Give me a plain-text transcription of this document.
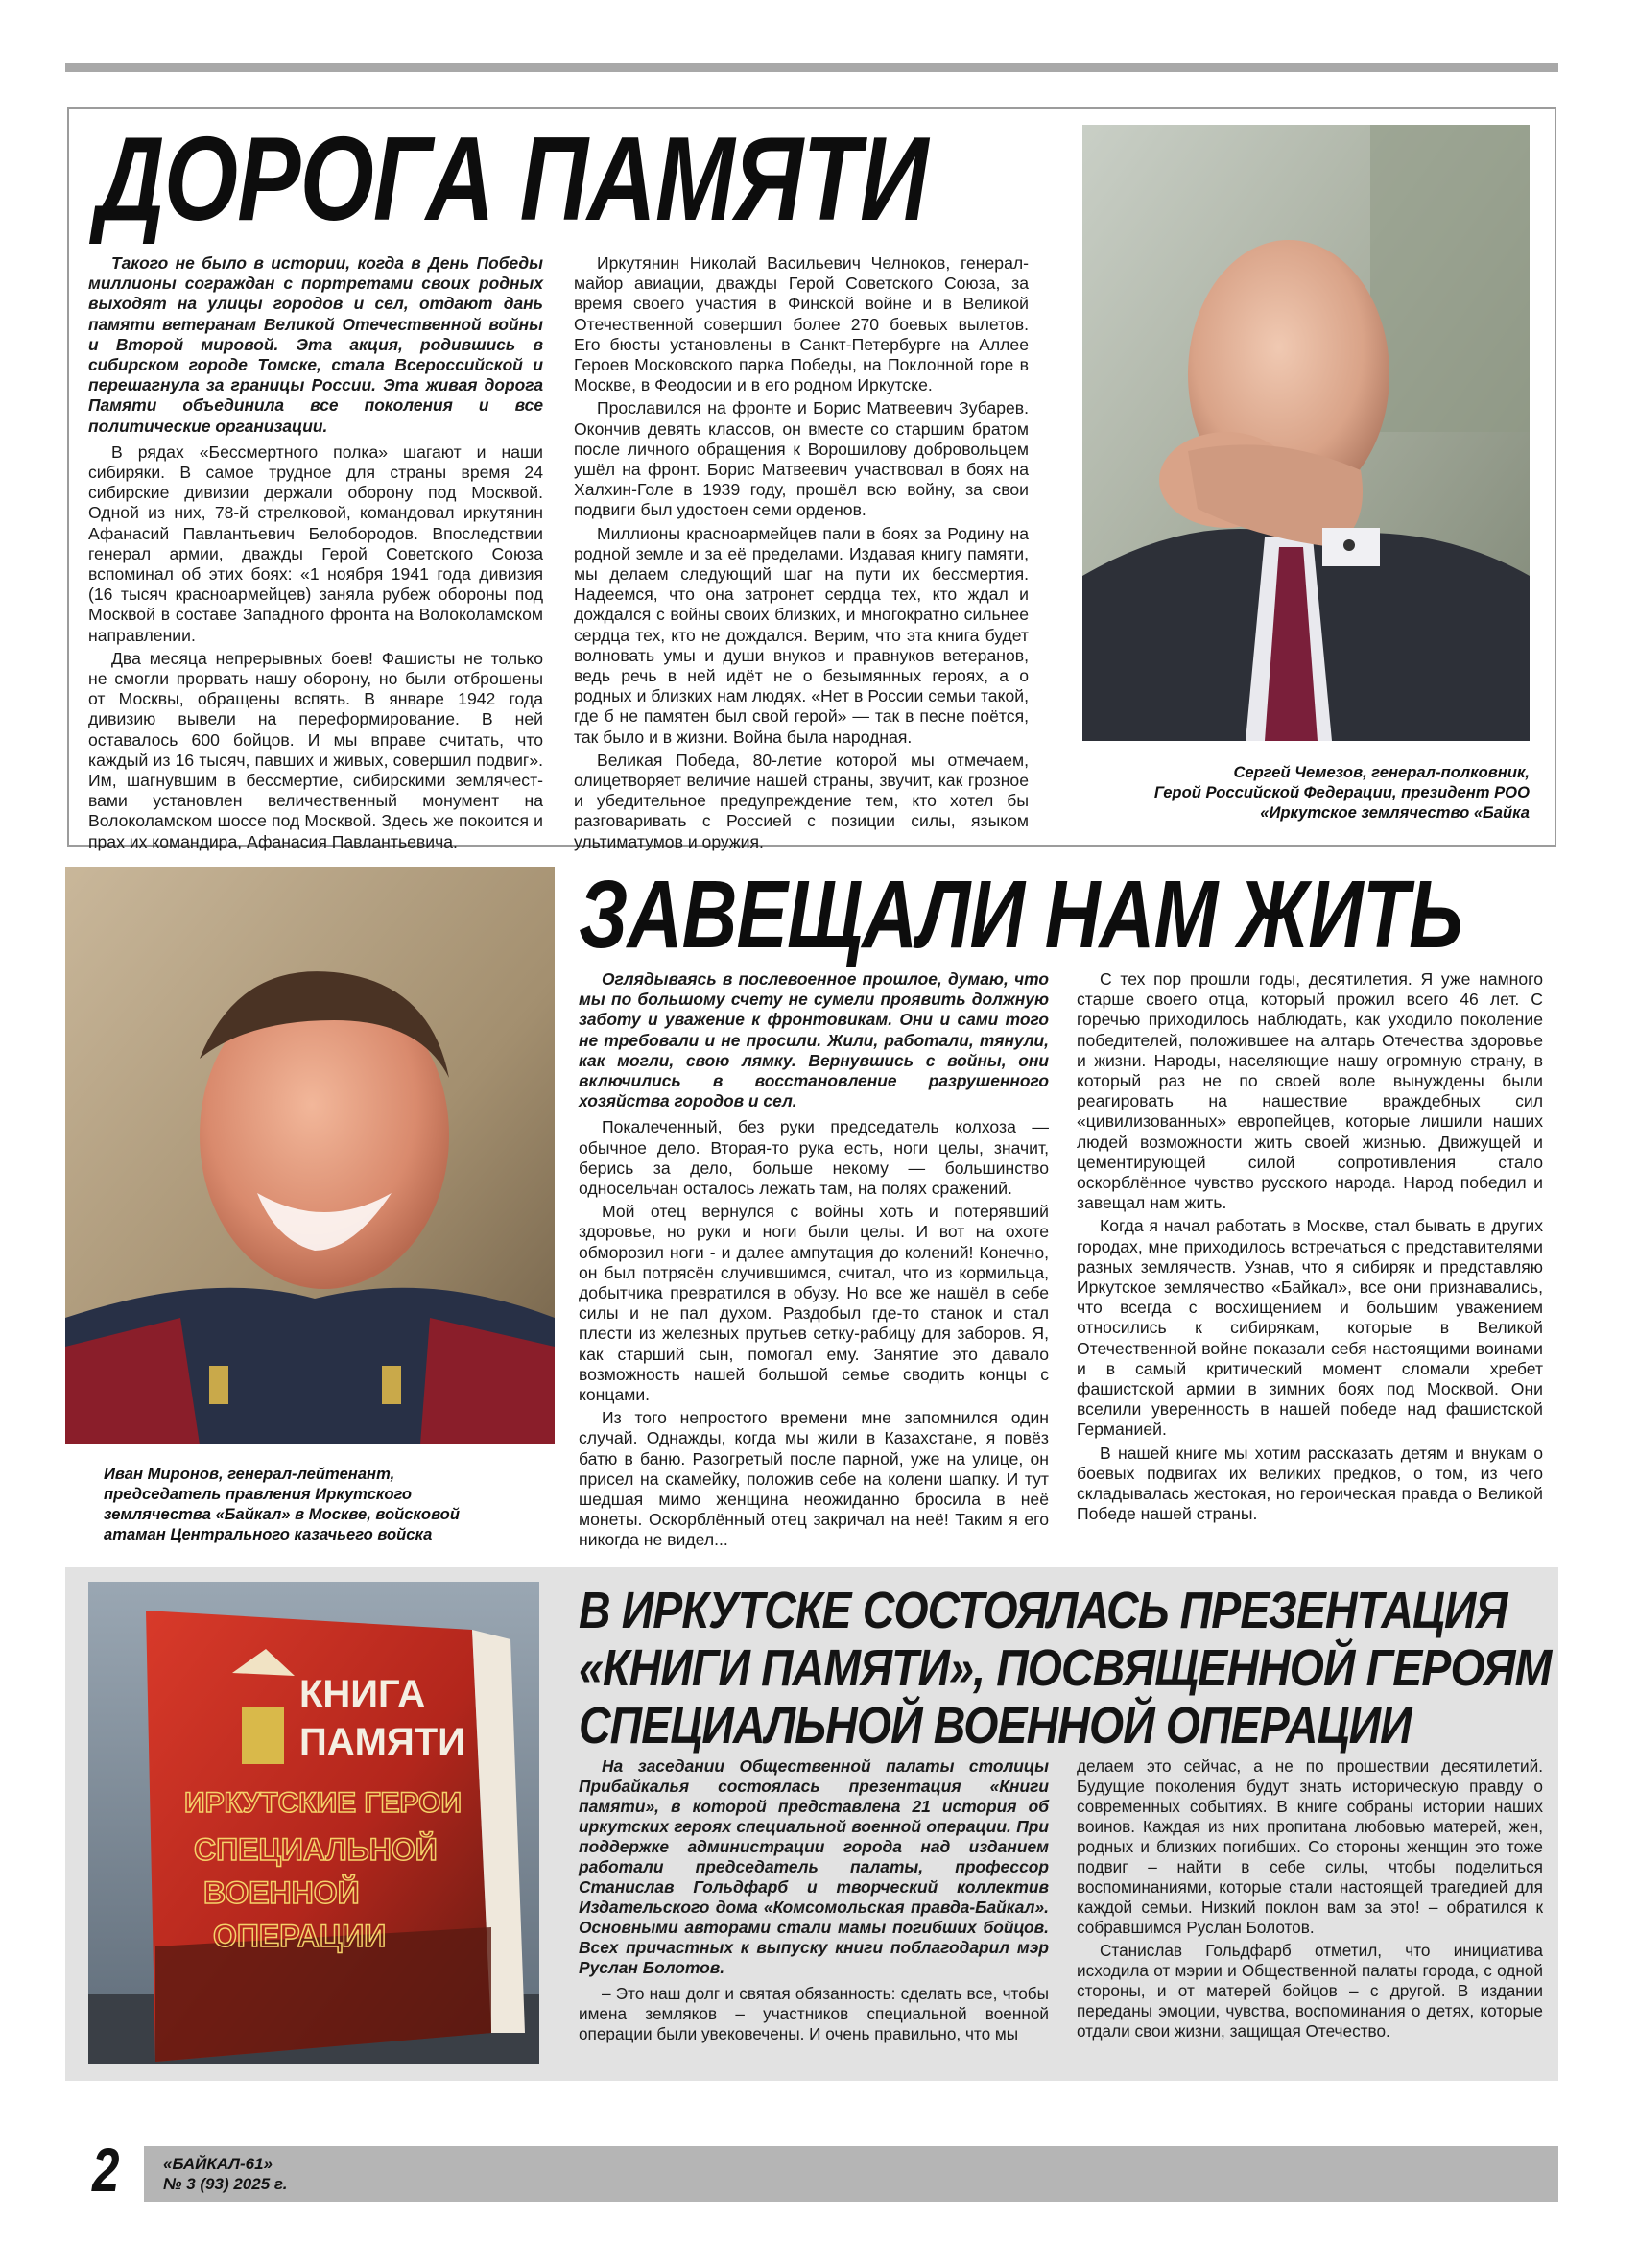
ДОРОГА ПАМЯТИ

Такого не было в истории, когда в День Победы миллионы сограждан с портретами своих родных выходят на улицы городов и сел, отдают дань памяти ветеранам Великой Отечественной войны и Второй мировой. Эта акция, родившись в сибирском городе Томске, стала Всероссийской и перешагнула за границы России. Эта живая дорога Памяти объединила все поколения и все политические организации.

В рядах «Бессмертного полка» шагают и наши сибиряки. В самое трудное для страны время 24 сибирские дивизии держали оборону под Москвой. Одной из них, 78-й стрелковой, командовал иркутянин Афанасий Павлантьевич Белобородов. Впоследствии генерал армии, дважды Герой Советского Союза вспоминал об этих боях: «1 ноября 1941 года дивизия (16 тысяч красноармейцев) заняла рубеж обороны под Москвой в составе Западного фронта на Волоколамском направлении.

Два месяца непрерывных боев! Фашисты не только не смогли прорвать нашу оборону, но были отброшены от Москвы, обращены вспять. В январе 1942 года дивизию вывели на переформирование. В ней оставалось 600 бойцов. И мы вправе считать, что каждый из 16 тысяч, павших и живых, совершил подвиг». Им, шагнувшим в бессмертие, сибирскими землячествами установлен величественный монумент на Волоколамском шоссе под Москвой. Здесь же покоится и прах их командира, Афанасия Павлантьевича.

Иркутянин Николай Васильевич Челноков, генерал-майор авиации, дважды Герой Советского Союза, за время своего участия в Финской войне и в Великой Отечественной совершил более 270 боевых вылетов. Его бюсты установлены в Санкт-Петербурге на Аллее Героев Московского парка Победы, на Поклонной горе в Москве, в Феодосии и в его родном Иркутске.

Прославился на фронте и Борис Матвеевич Зубарев. Окончив девять классов, он вместе со старшим братом после личного обращения к Ворошилову добровольцем ушёл на фронт. Борис Матвеевич участвовал в боях на Халхин-Голе в 1939 году, прошёл всю войну, за свои подвиги был удостоен семи орденов.

Миллионы красноармейцев пали в боях за Родину на родной земле и за её пределами. Издавая книгу памяти, мы делаем следующий шаг на пути их бессмертия. Надеемся, что она затронет сердца тех, кто ждал и дождался с войны своих близких, и многократно сильнее сердца тех, кто не дождался. Верим, что эта книга будет волновать умы и души внуков и правнуков ветеранов, ведь речь в ней идёт не о безымянных героях, а о родных и близких нам людях. «Нет в России семьи такой, где б не памятен был свой герой» — так в песне поётся, так было и в жизни. Война была народная.

Великая Победа, 80-летие которой мы отмечаем, олицетворяет величие нашей страны, звучит, как грозное и убедительное предупреждение тем, кто хотел бы разговаривать с Россией с позиции силы, языком ультиматумов и оружия.

Сергей Чемезов, генерал-полковник,
Герой Российской Федерации, президент РОО
«Иркутское землячество «Байка
Иван Миронов, генерал-лейтенант,
председатель правления Иркутского
землячества «Байкал» в Москве, войсковой
атаман Центрального казачьего войска
ЗАВЕЩАЛИ НАМ ЖИТЬ

Оглядываясь в послевоенное прошлое, думаю, что мы по большому счету не сумели проявить должную заботу и уважение к фронтовикам. Они и сами того не требовали и не просили. Жили, работали, тянули, как могли, свою лямку. Вернувшись с войны, они включились в восстановление разрушенного хозяйства городов и сел.

Покалеченный, без руки председатель колхоза — обычное дело. Вторая-то рука есть, ноги целы, значит, берись за дело, больше некому — большинство односельчан осталось лежать там, на полях сражений.

Мой отец вернулся с войны хоть и потерявший здоровье, но руки и ноги были целы. И вот на охоте обморозил ноги - и далее ампутация до колений! Конечно, он был потрясён случившимся, считал, что из кормильца, добытчика превратился в обузу. Но все же нашёл в себе силы и не пал духом. Раздобыл где-то станок и стал плести из железных прутьев сетку-рабицу для заборов. Я, как старший сын, помогал ему. Занятие это давало возможность нашей большой семье сводить концы с концами.

Из того непростого времени мне запомнился один случай. Однажды, когда мы жили в Казахстане, я повёз батю в баню. Разогретый после парной, уже на улице, он присел на скамейку, положив себе на колени шапку. И тут шедшая мимо женщина неожиданно бросила в неё монеты. Оскорблённый отец закричал на неё! Таким я его никогда не видел...

С тех пор прошли годы, десятилетия. Я уже намного старше своего отца, который прожил всего 46 лет. С горечью приходилось наблюдать, как уходило поколение победителей, положившее на алтарь Отечества здоровье и жизни. Народы, населяющие нашу огромную страну, в который раз не по своей воле вынуждены были реагировать на нашествие враждебных сил «цивилизованных» европейцев, которые лишили наших людей возможности жить своей жизнью. Движущей и цементирующей силой сопротивления стало оскорблённое чувство русского народа. Народ победил и завещал нам жить.

Когда я начал работать в Москве, стал бывать в других городах, мне приходилось встречаться с представителями разных землячеств. Узнав, что я сибиряк и представляю Иркутское землячество «Байкал», все они признавались, что всегда с восхищением и большим уважением относились к сибирякам, которые в Великой Отечественной войне показали себя настоящими воинами и в самый критический момент сломали хребет фашистской армии в зимних боях под Москвой. Они вселили уверенность в нашей победе над фашистской Германией.

В нашей книге мы хотим рассказать детям и внукам о боевых подвигах их великих предков, о том, из чего складывалась жестокая, но героическая правда о Великой Победе нашей страны.

КНИГА
ПАМЯТИ
ИРКУТСКИЕ ГЕРОИ
СПЕЦИАЛЬНОЙ
ВОЕННОЙ
ОПЕРАЦИИ
В ИРКУТСКЕ СОСТОЯЛАСЬ ПРЕЗЕНТАЦИЯ
«КНИГИ ПАМЯТИ», ПОСВЯЩЕННОЙ ГЕРОЯМ
СПЕЦИАЛЬНОЙ ВОЕННОЙ ОПЕРАЦИИ

На заседании Общественной палаты столицы Прибайкалья состоялась презентация «Книги памяти», в которой представлена 21 история об иркутских героях специальной военной операции. При поддержке администрации города над изданием работали председатель палаты, профессор Станислав Гольдфарб и творческий коллектив Издательского дома «Комсомольская правда-Байкал». Основными авторами стали мамы погибших бойцов. Всех причастных к выпуску книги поблагодарил мэр Руслан Болотов.

– Это наш долг и святая обязанность: сделать все, чтобы имена земляков – участников специальной военной операции были увековечены. И очень правильно, что мы

делаем это сейчас, а не по прошествии десятилетий. Будущие поколения будут знать историческую правду о современных событиях. В книге собраны истории наших воинов. Каждая из них пропитана любовью матерей, жен, родных и близких погибших. Со стороны женщин это тоже подвиг – найти в себе силы, чтобы поделиться воспоминаниями, которые стали настоящей трагедией для каждой семьи. Низкий поклон вам за это! – обратился к собравшимся Руслан Болотов.

Станислав Гольдфарб отметил, что инициатива исходила от мэрии и Общественной палаты города, с одной стороны, и от матерей бойцов – с другой. В издании переданы эмоции, чувства, воспоминания о детях, которые отдали свои жизни, защищая Отечество.

2	«БАЙКАЛ-61»
№ 3 (93) 2025 г.
